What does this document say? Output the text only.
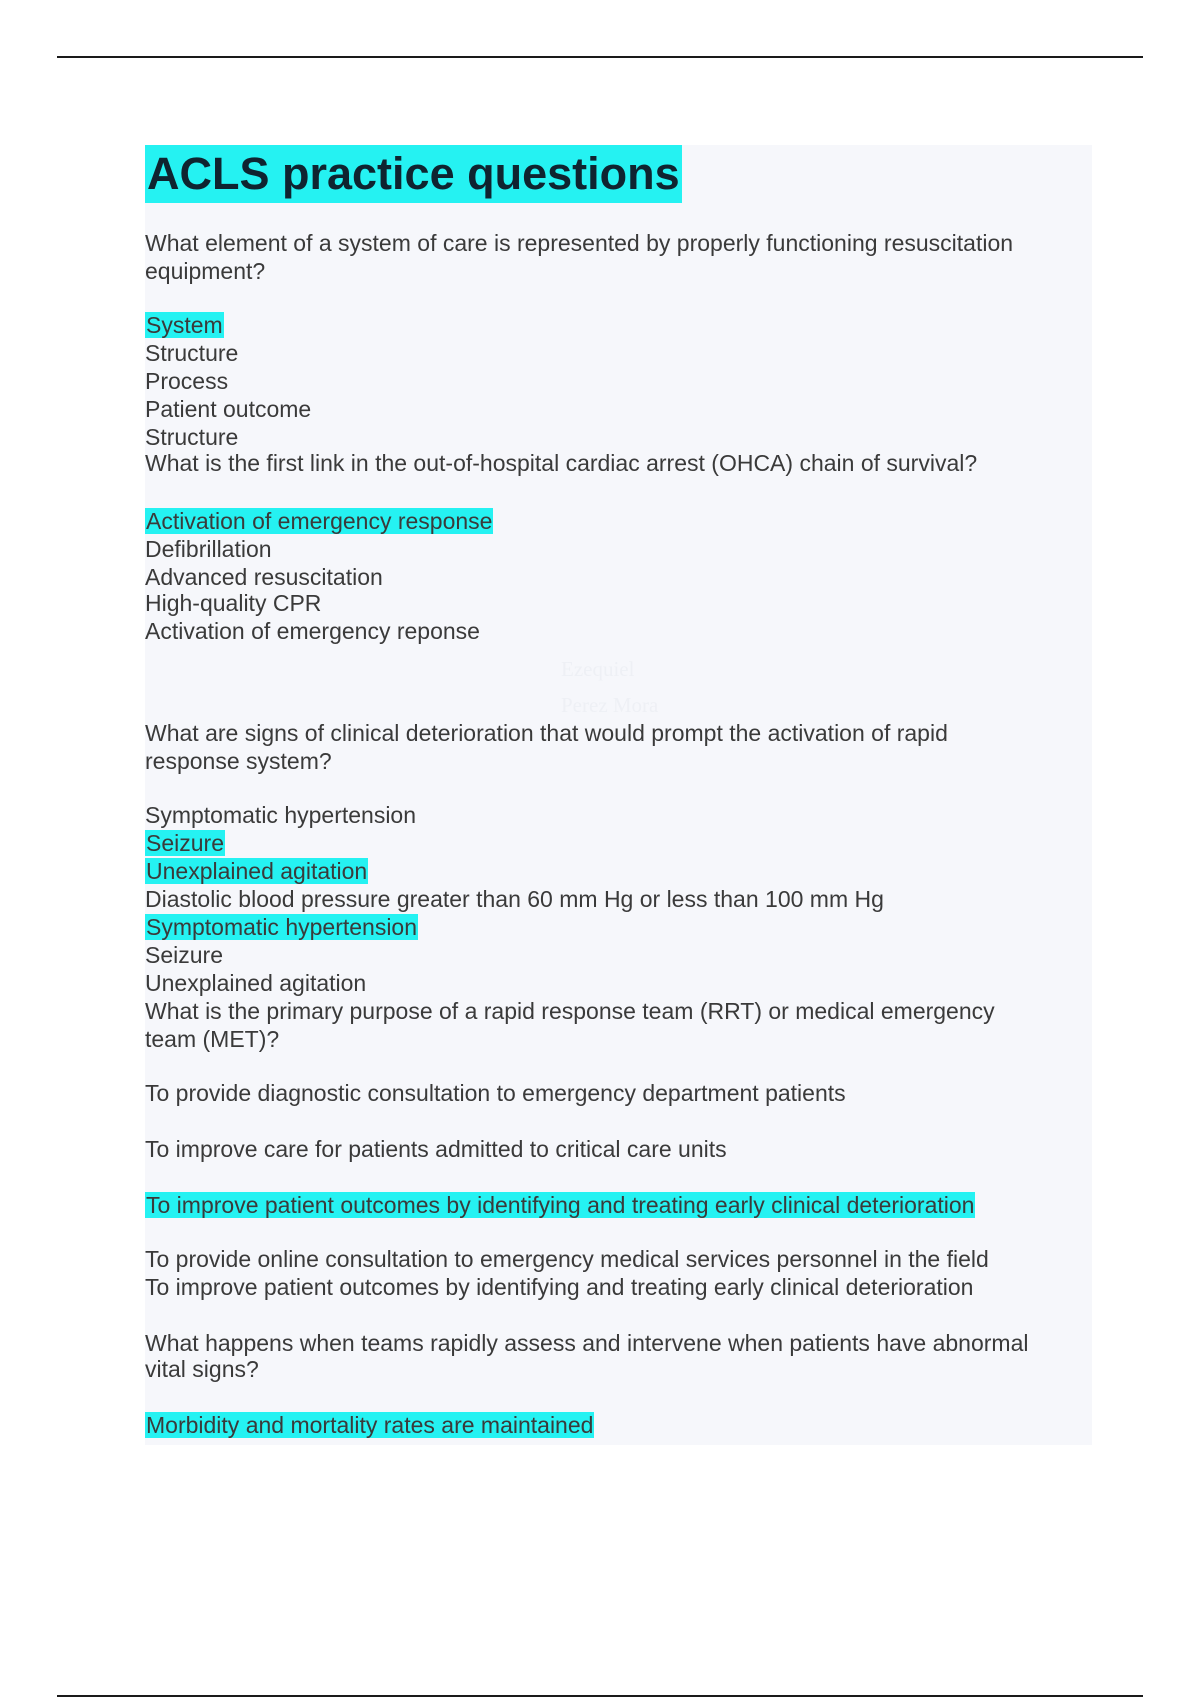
ACLS practice questions
What element of a system of care is represented by properly functioning resuscitation
equipment?
System
Structure
Process
Patient outcome
Structure
What is the first link in the out-of-hospital cardiac arrest (OHCA) chain of survival?
Activation of emergency response
Defibrillation
Advanced resuscitation
High-quality CPR
Activation of emergency reponse
What are signs of clinical deterioration that would prompt the activation of rapid
response system?
Symptomatic hypertension
Seizure
Unexplained agitation
Diastolic blood pressure greater than 60 mm Hg or less than 100 mm Hg
Symptomatic hypertension
Seizure
Unexplained agitation
What is the primary purpose of a rapid response team (RRT) or medical emergency
team (MET)?
To provide diagnostic consultation to emergency department patients
To improve care for patients admitted to critical care units
To improve patient outcomes by identifying and treating early clinical deterioration
To provide online consultation to emergency medical services personnel in the field
To improve patient outcomes by identifying and treating early clinical deterioration
What happens when teams rapidly assess and intervene when patients have abnormal
vital signs?
Morbidity and mortality rates are maintained
Ezequiel
Perez Mora
